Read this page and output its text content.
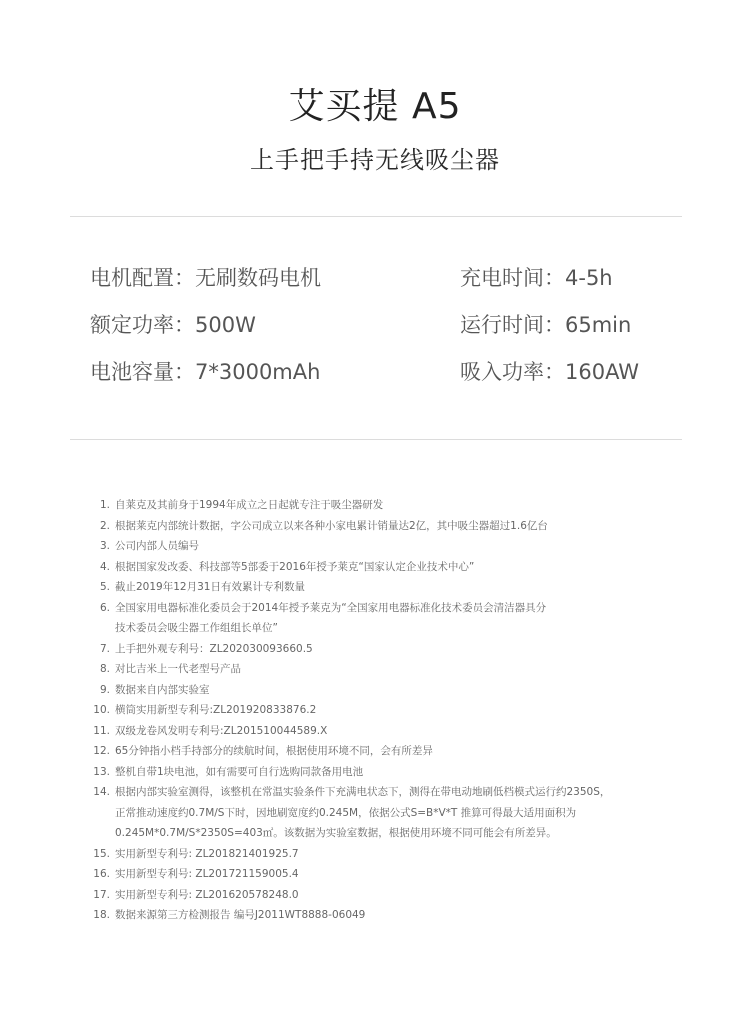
艾买提 A5
上手把手持无线吸尘器
电机配置：无刷数码电机	充电时间：4-5h
额定功率：500W	运行时间：65min
电池容量：7*3000mAh	吸入功率：160AW
1. 自莱克及其前身于1994年成立之日起就专注于吸尘器研发
2. 根据莱克内部统计数据，字公司成立以来各种小家电累计销量达2亿，其中吸尘器超过1.6亿台
3. 公司内部人员编号
4. 根据国家发改委、科技部等5部委于2016年授予莱克“国家认定企业技术中心”
5. 截止2019年12月31日有效累计专利数量
6. 全国家用电器标准化委员会于2014年授予莱克为“全国家用电器标准化技术委员会清洁器具分
技术委员会吸尘器工作组组长单位”
7. 上手把外观专利号：ZL202030093660.5
8. 对比吉米上一代老型号产品
9. 数据来自内部实验室
10. 横筒实用新型专利号:ZL201920833876.2
11. 双级龙卷风发明专利号:ZL201510044589.X
12. 65分钟指小档手持部分的续航时间，根据使用环境不同，会有所差异
13. 整机自带1块电池，如有需要可自行选购同款备用电池
14. 根据内部实验室测得，该整机在常温实验条件下充满电状态下，测得在带电动地刷低档模式运行约2350S，
正常推动速度约0.7M/S下时，因地刷宽度约0.245M，依据公式S=B*V*T 推算可得最大适用面积为
0.245M*0.7M/S*2350S=403㎡。该数据为实验室数据，根据使用环境不同可能会有所差异。
15. 实用新型专利号: ZL201821401925.7
16. 实用新型专利号: ZL201721159005.4
17. 实用新型专利号: ZL201620578248.0
18. 数据来源第三方检测报告 编号J2011WT8888-06049
